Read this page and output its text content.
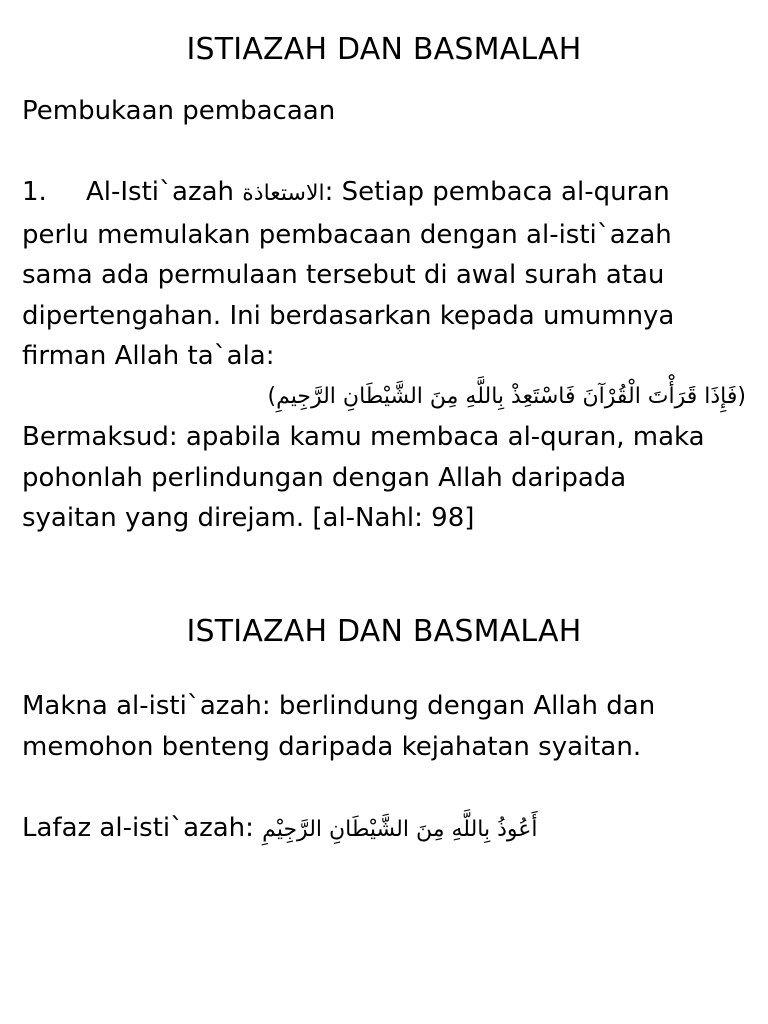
ISTIAZAH DAN BASMALAH

Pembukaan pembacaan

1. Al-Isti`azah الاستعاذة: Setiap pembaca al-quran

perlu memulakan pembacaan dengan al-isti`azah

sama ada permulaan tersebut di awal surah atau

dipertengahan. Ini berdasarkan kepada umumnya

firman Allah ta`ala:

(فَإِذَا قَرَأْتَ الْقُرْآنَ فَاسْتَعِذْ بِاللَّهِ مِنَ الشَّيْطَانِ الرَّجِيمِ)

Bermaksud: apabila kamu membaca al-quran, maka

pohonlah perlindungan dengan Allah daripada

syaitan yang direjam. [al-Nahl: 98]

ISTIAZAH DAN BASMALAH

Makna al-isti`azah: berlindung dengan Allah dan

memohon benteng daripada kejahatan syaitan.

Lafaz al-isti`azah: أَعُوذُ بِاللَّهِ مِنَ الشَّيْطَانِ الرَّجِيْمِ
